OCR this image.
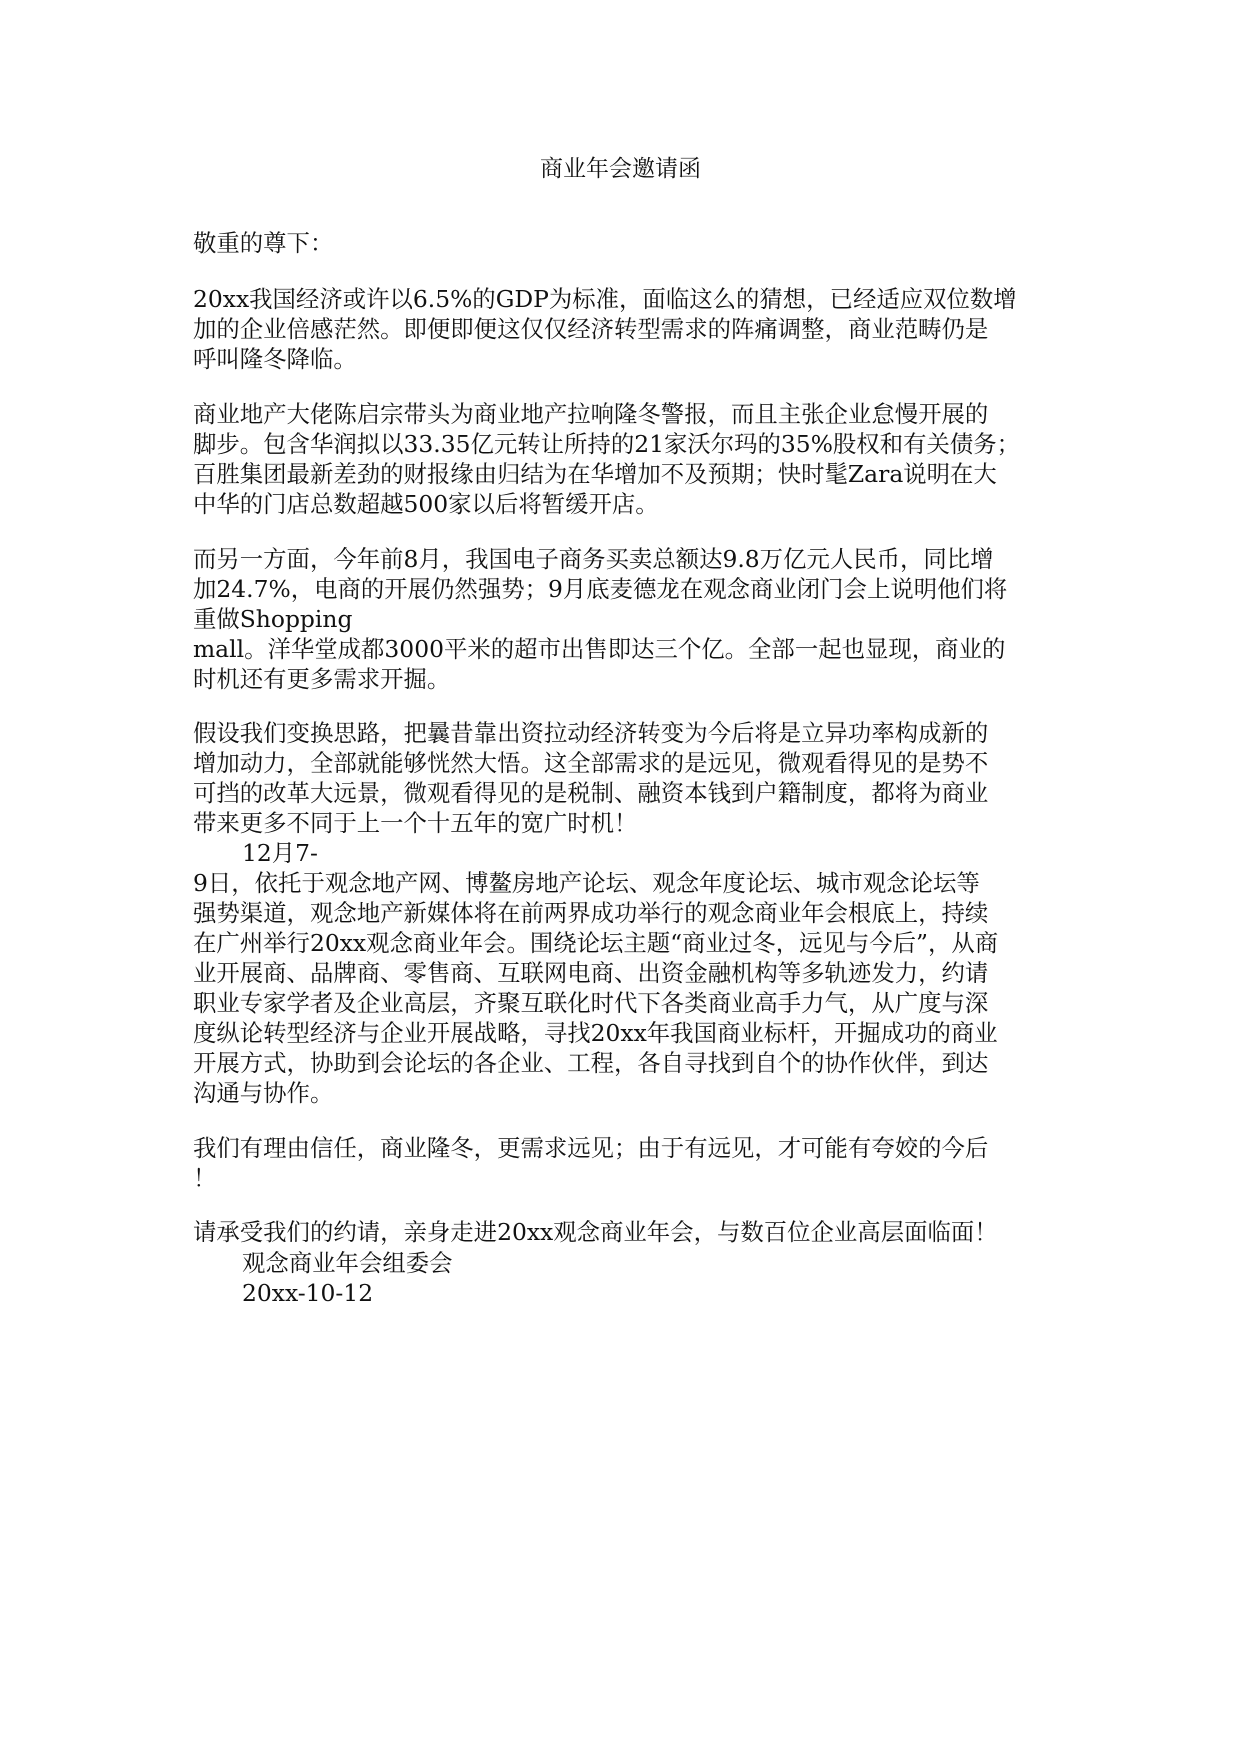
商业年会邀请函
敬重的尊下：
20xx我国经济或许以6.5%的GDP为标准，面临这么的猜想，已经适应双位数增
加的企业倍感茫然。即便即便这仅仅经济转型需求的阵痛调整，商业范畴仍是
呼叫隆冬降临。
商业地产大佬陈启宗带头为商业地产拉响隆冬警报，而且主张企业怠慢开展的
脚步。包含华润拟以33.35亿元转让所持的21家沃尔玛的35%股权和有关债务；
百胜集团最新差劲的财报缘由归结为在华增加不及预期；快时髦Zara说明在大
中华的门店总数超越500家以后将暂缓开店。
而另一方面，今年前8月，我国电子商务买卖总额达9.8万亿元人民币，同比增
加24.7%，电商的开展仍然强势；9月底麦德龙在观念商业闭门会上说明他们将
重做Shopping
mall。洋华堂成都3000平米的超市出售即达三个亿。全部一起也显现，商业的
时机还有更多需求开掘。
假设我们变换思路，把曩昔靠出资拉动经济转变为今后将是立异功率构成新的
增加动力，全部就能够恍然大悟。这全部需求的是远见，微观看得见的是势不
可挡的改革大远景，微观看得见的是税制、融资本钱到户籍制度，都将为商业
带来更多不同于上一个十五年的宽广时机！
12月7-
9日，依托于观念地产网、博鳌房地产论坛、观念年度论坛、城市观念论坛等
强势渠道，观念地产新媒体将在前两界成功举行的观念商业年会根底上，持续
在广州举行20xx观念商业年会。围绕论坛主题“商业过冬，远见与今后”，从商
业开展商、品牌商、零售商、互联网电商、出资金融机构等多轨迹发力，约请
职业专家学者及企业高层，齐聚互联化时代下各类商业高手力气，从广度与深
度纵论转型经济与企业开展战略，寻找20xx年我国商业标杆，开掘成功的商业
开展方式，协助到会论坛的各企业、工程，各自寻找到自个的协作伙伴，到达
沟通与协作。
我们有理由信任，商业隆冬，更需求远见；由于有远见，才可能有夸姣的今后
！
请承受我们的约请，亲身走进20xx观念商业年会，与数百位企业高层面临面！
观念商业年会组委会
20xx-10-12
